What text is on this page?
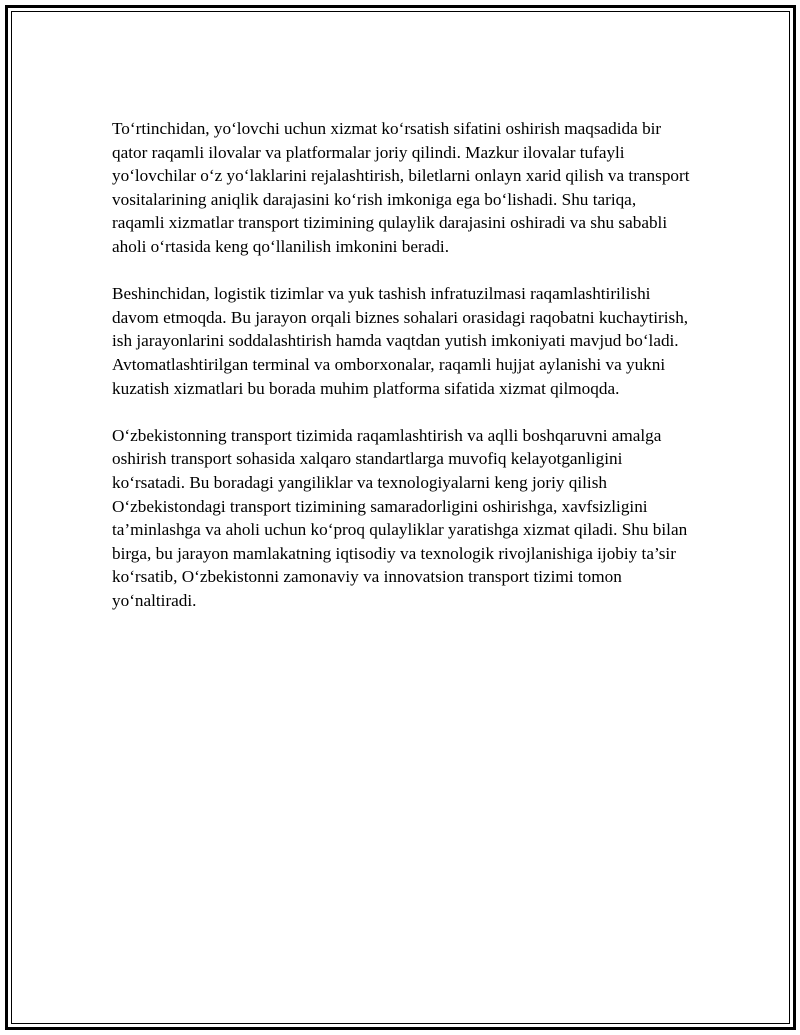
To‘rtinchidan, yo‘lovchi uchun xizmat ko‘rsatish sifatini oshirish maqsadida bir qator raqamli ilovalar va platformalar joriy qilindi. Mazkur ilovalar tufayli yo‘lovchilar o‘z yo‘laklarini rejalashtirish, biletlarni onlayn xarid qilish va transport vositalarining aniqlik darajasini ko‘rish imkoniga ega bo‘lishadi. Shu tariqa, raqamli xizmatlar transport tizimining qulaylik darajasini oshiradi va shu sababli aholi o‘rtasida keng qo‘llanilish imkonini beradi.

Beshinchidan, logistik tizimlar va yuk tashish infratuzilmasi raqamlashtirilishi davom etmoqda. Bu jarayon orqali biznes sohalari orasidagi raqobatni kuchaytirish, ish jarayonlarini soddalashtirish hamda vaqtdan yutish imkoniyati mavjud bo‘ladi. Avtomatlashtirilgan terminal va omborxonalar, raqamli hujjat aylanishi va yukni kuzatish xizmatlari bu borada muhim platforma sifatida xizmat qilmoqda.

O‘zbekistonning transport tizimida raqamlashtirish va aqlli boshqaruvni amalga oshirish transport sohasida xalqaro standartlarga muvofiq kelayotganligini ko‘rsatadi. Bu boradagi yangiliklar va texnologiyalarni keng joriy qilish O‘zbekistondagi transport tizimining samaradorligini oshirishga, xavfsizligini ta’minlashga va aholi uchun ko‘proq qulayliklar yaratishga xizmat qiladi. Shu bilan birga, bu jarayon mamlakatning iqtisodiy va texnologik rivojlanishiga ijobiy ta’sir ko‘rsatib, O‘zbekistonni zamonaviy va innovatsion transport tizimi tomon yo‘naltiradi.
